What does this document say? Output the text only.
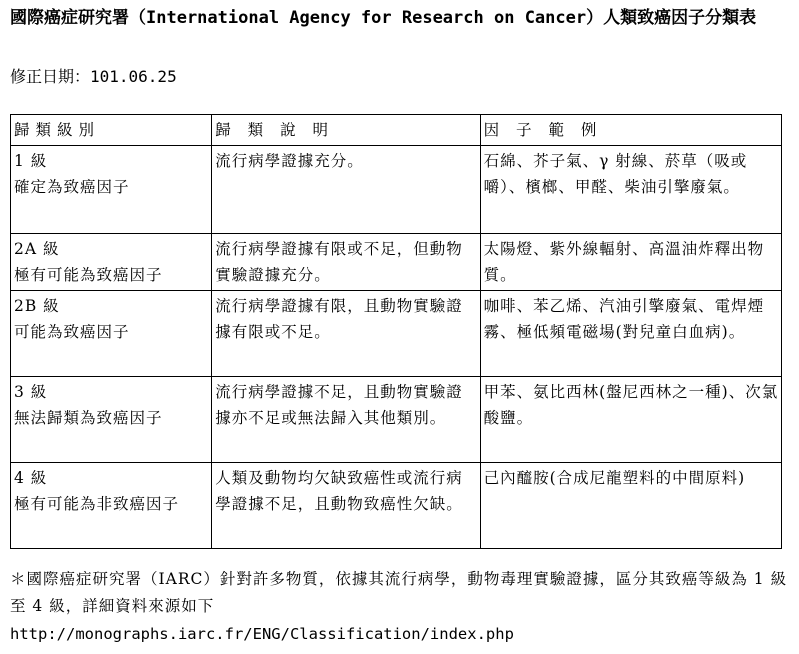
國際癌症研究署（International Agency for Research on Cancer）人類致癌因子分類表
修正日期：101.06.25
歸類級別	歸 類 說 明	因 子 範 例

1 級
確定為致癌因子	流行病學證據充分。	石綿、芥子氣、γ 射線、菸草（吸或嚼）、檳榔、甲醛、柴油引擎廢氣。

2A 級
極有可能為致癌因子	流行病學證據有限或不足，但動物實驗證據充分。	太陽燈、紫外線輻射、高溫油炸釋出物質。

2B 級
可能為致癌因子	流行病學證據有限，且動物實驗證據有限或不足。	咖啡、苯乙烯、汽油引擎廢氣、電焊煙霧、極低頻電磁場(對兒童白血病)。

3 級
無法歸類為致癌因子	流行病學證據不足，且動物實驗證據亦不足或無法歸入其他類別。	甲苯、氨比西林(盤尼西林之一種)、次氯酸鹽。

4 級
極有可能為非致癌因子	人類及動物均欠缺致癌性或流行病學證據不足，且動物致癌性欠缺。	己內醯胺(合成尼龍塑料的中間原料)
＊國際癌症研究署（IARC）針對許多物質，依據其流行病學，動物毒理實驗證據，區分其致癌等級為 1 級至 4 級，詳細資料來源如下
http://monographs.iarc.fr/ENG/Classification/index.php
